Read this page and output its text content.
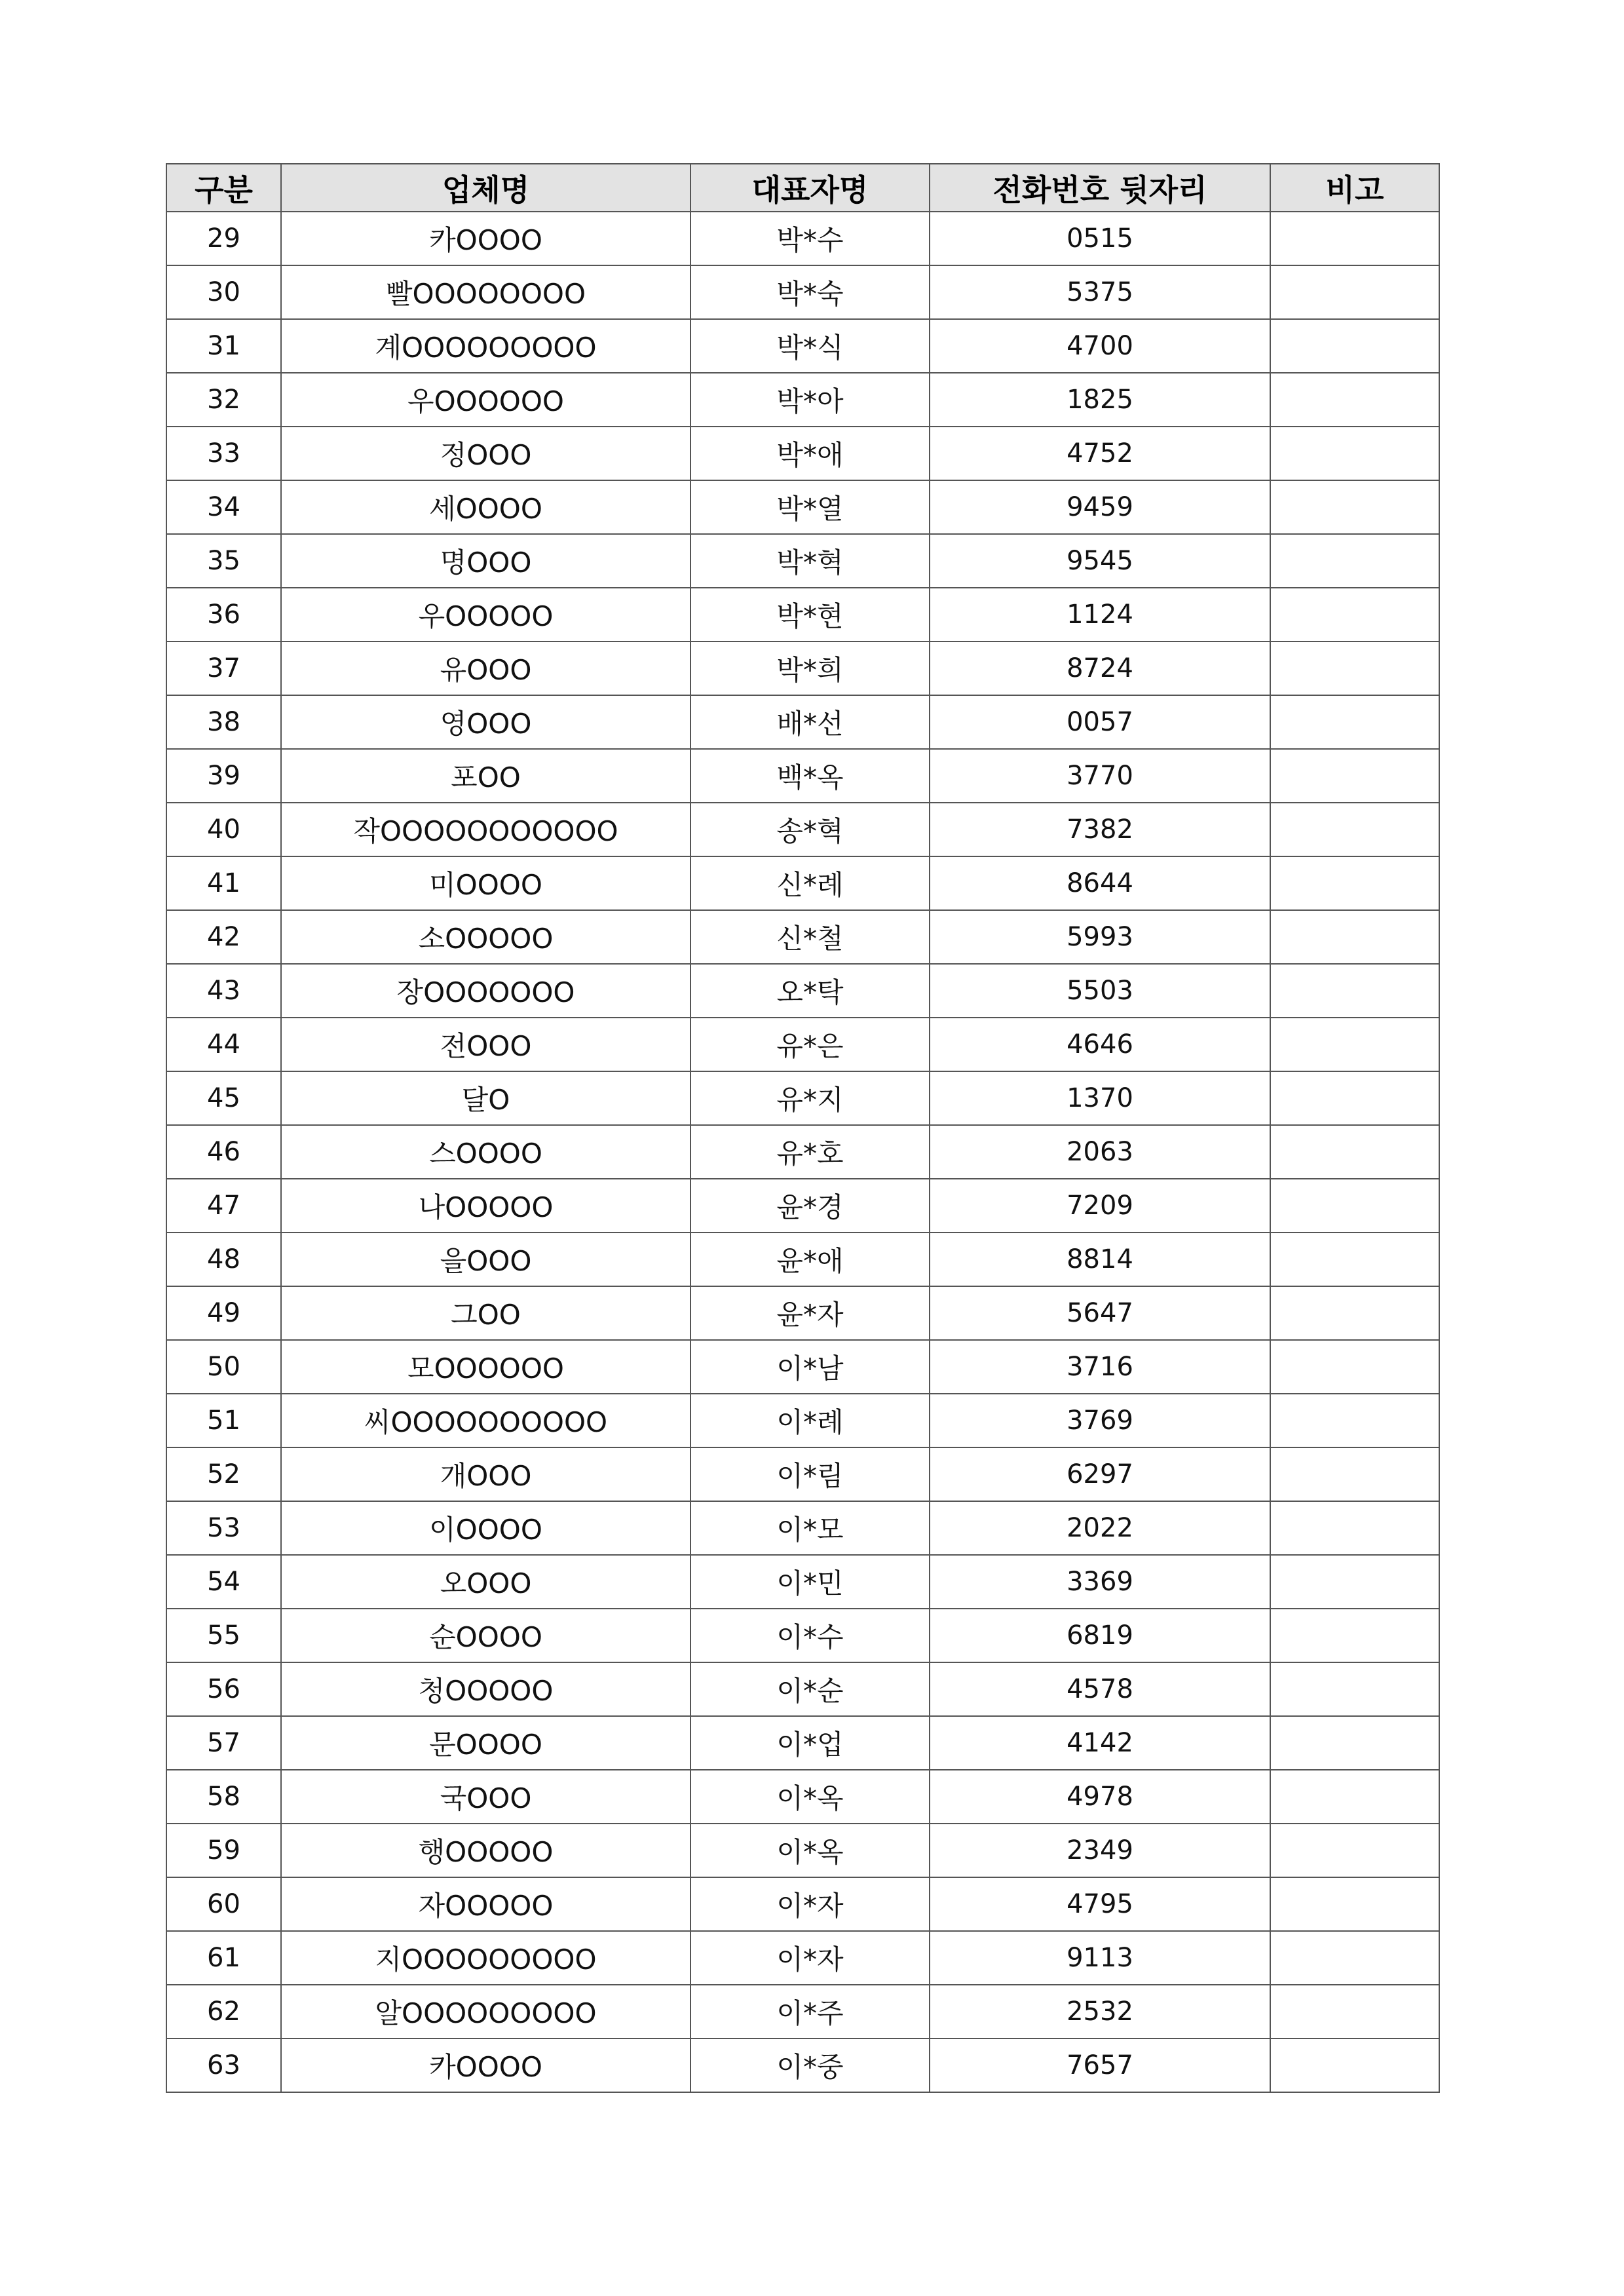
구분	업체명	대표자명	전화번호 뒷자리	비고
29	카OOOO	박*수	0515	
30	빨OOOOOOOO	박*숙	5375	
31	계OOOOOOOOO	박*식	4700	
32	우OOOOOO	박*아	1825	
33	정OOO	박*애	4752	
34	세OOOO	박*열	9459	
35	명OOO	박*혁	9545	
36	우OOOOO	박*현	1124	
37	유OOO	박*희	8724	
38	영OOO	배*선	0057	
39	포OO	백*옥	3770	
40	작OOOOOOOOOOO	송*혁	7382	
41	미OOOO	신*례	8644	
42	소OOOOO	신*철	5993	
43	장OOOOOOO	오*탁	5503	
44	전OOO	유*은	4646	
45	달O	유*지	1370	
46	스OOOO	유*호	2063	
47	나OOOOO	윤*경	7209	
48	을OOO	윤*애	8814	
49	그OO	윤*자	5647	
50	모OOOOOO	이*남	3716	
51	씨OOOOOOOOOO	이*례	3769	
52	개OOO	이*림	6297	
53	이OOOO	이*모	2022	
54	오OOO	이*민	3369	
55	순OOOO	이*수	6819	
56	청OOOOO	이*순	4578	
57	문OOOO	이*업	4142	
58	국OOO	이*옥	4978	
59	행OOOOO	이*옥	2349	
60	자OOOOO	이*자	4795	
61	지OOOOOOOOO	이*자	9113	
62	알OOOOOOOOO	이*주	2532	
63	카OOOO	이*중	7657	
